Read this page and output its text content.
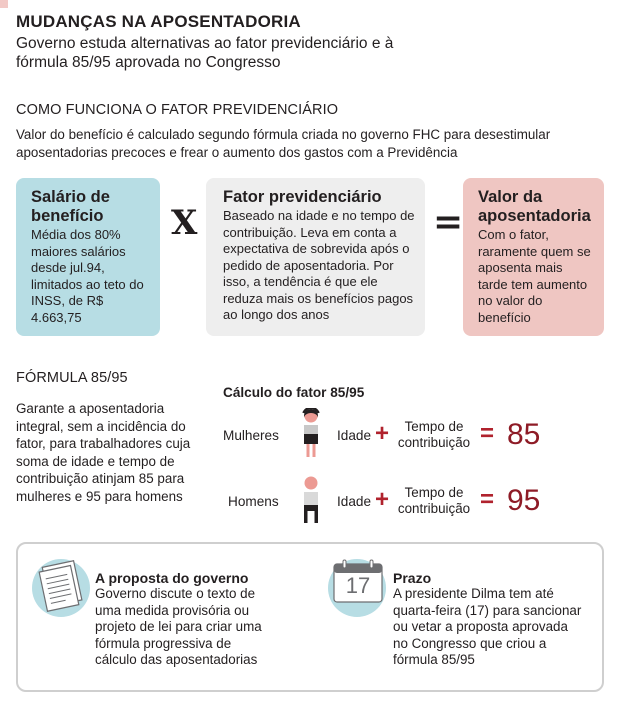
MUDANÇAS NA APOSENTADORIA
Governo estuda alternativas ao fator previdenciário e à fórmula 85/95 aprovada no Congresso
COMO FUNCIONA O FATOR PREVIDENCIÁRIO
Valor do benefício é calculado segundo fórmula criada no governo FHC para desestimular aposentadorias precoces e frear o aumento dos gastos com a Previdência
Salário de benefício
Média dos 80% maiores salários desde jul.94, limitados ao teto do INSS, de R$ 4.663,75
X
Fator previdenciário
Baseado na idade e no tempo de contribuição. Leva em conta a expectativa de sobrevida após o pedido de aposentadoria. Por isso, a tendência é que ele reduza mais os benefícios pagos ao longo dos anos
=
Valor da aposentadoria
Com o fator, raramente quem se aposenta mais tarde tem aumento no valor do benefício
FÓRMULA 85/95
Garante a aposentadoria integral, sem a incidência do fator, para trabalhadores cuja soma de idade e tempo de contribuição atinjam 85 para mulheres e 95 para homens
Cálculo do fator 85/95
Mulheres	Idade +	Tempo de contribuição = 85
Homens	Idade +	Tempo de contribuição = 95
A proposta do governo
Governo discute o texto de uma medida provisória ou projeto de lei para criar uma fórmula progressiva de cálculo das aposentadorias
17	Prazo
A presidente Dilma tem até quarta-feira (17) para sancionar ou vetar a proposta aprovada no Congresso que criou a fórmula 85/95
